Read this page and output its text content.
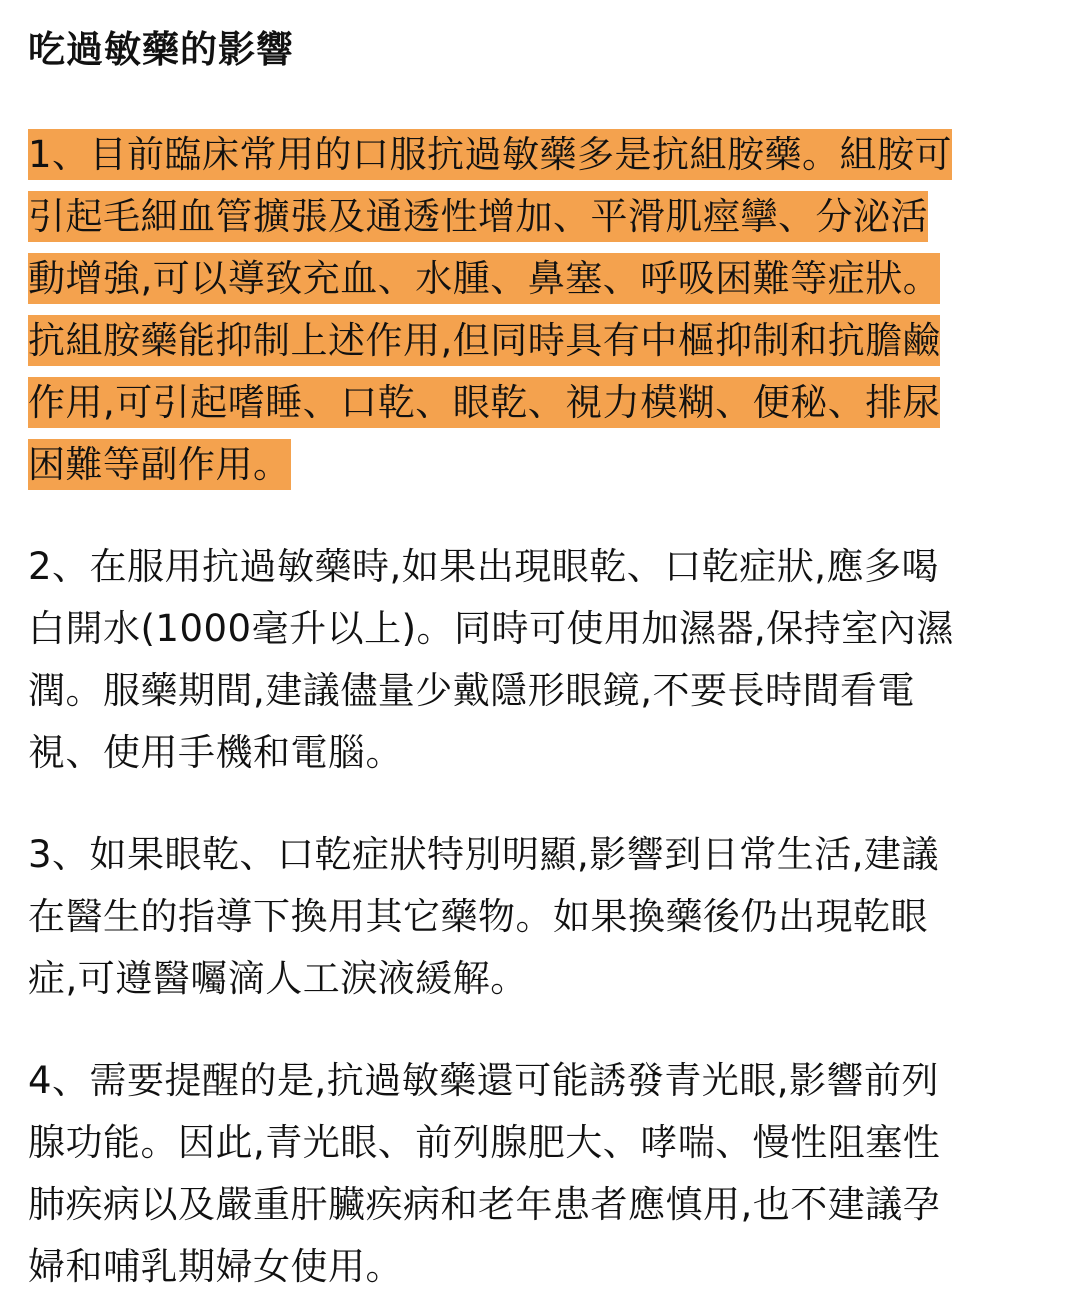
吃過敏藥的影響
1、目前臨床常用的口服抗過敏藥多是抗組胺藥。組胺可
引起毛細血管擴張及通透性增加、平滑肌痙攣、分泌活
動增強,可以導致充血、水腫、鼻塞、呼吸困難等症狀。
抗組胺藥能抑制上述作用,但同時具有中樞抑制和抗膽鹼
作用,可引起嗜睡、口乾、眼乾、視力模糊、便秘、排尿
困難等副作用。
2、在服用抗過敏藥時,如果出現眼乾、口乾症狀,應多喝
白開水(1000毫升以上)。同時可使用加濕器,保持室內濕
潤。服藥期間,建議儘量少戴隱形眼鏡,不要長時間看電
視、使用手機和電腦。
3、如果眼乾、口乾症狀特別明顯,影響到日常生活,建議
在醫生的指導下換用其它藥物。如果換藥後仍出現乾眼
症,可遵醫囑滴人工淚液緩解。
4、需要提醒的是,抗過敏藥還可能誘發青光眼,影響前列
腺功能。因此,青光眼、前列腺肥大、哮喘、慢性阻塞性
肺疾病以及嚴重肝臟疾病和老年患者應慎用,也不建議孕
婦和哺乳期婦女使用。
